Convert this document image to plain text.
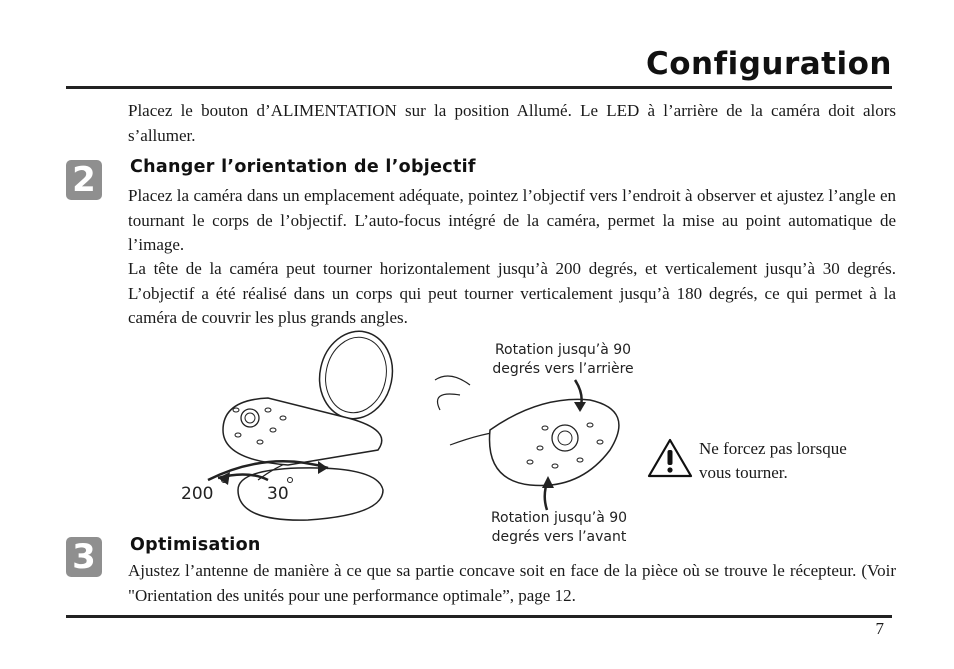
Configuration

Placez le bouton d’ALIMENTATION sur la position Allumé. Le LED à l’arrière de la caméra doit alors s’allumer.

2	Changer l’orientation de l’objectif

Placez la caméra dans un emplacement adéquate, pointez l’objectif vers l’endroit à observer et ajustez l’angle en tournant le corps de l’objectif. L’auto-focus intégré de la caméra, permet la mise au point automatique de l’image.

La tête de la caméra peut tourner horizontalement jusqu’à 200 degrés, et verticalement jusqu’à 30 degrés. L’objectif a été réalisé dans un corps qui peut tourner verticalement jusqu’à 180 degrés, ce qui permet à la caméra de couvrir les plus grands angles.

200	30
Rotation jusqu’à 90
degrés vers l’arrière
Rotation jusqu’à 90
degrés vers l’avant
Ne forcez pas lorsque
vous tourner.
3	Optimisation

Ajustez l’antenne de manière à ce que sa partie concave soit en face de la pièce où se trouve le récepteur. (Voir "Orientation des unités pour une performance optimale”, page 12.

7
